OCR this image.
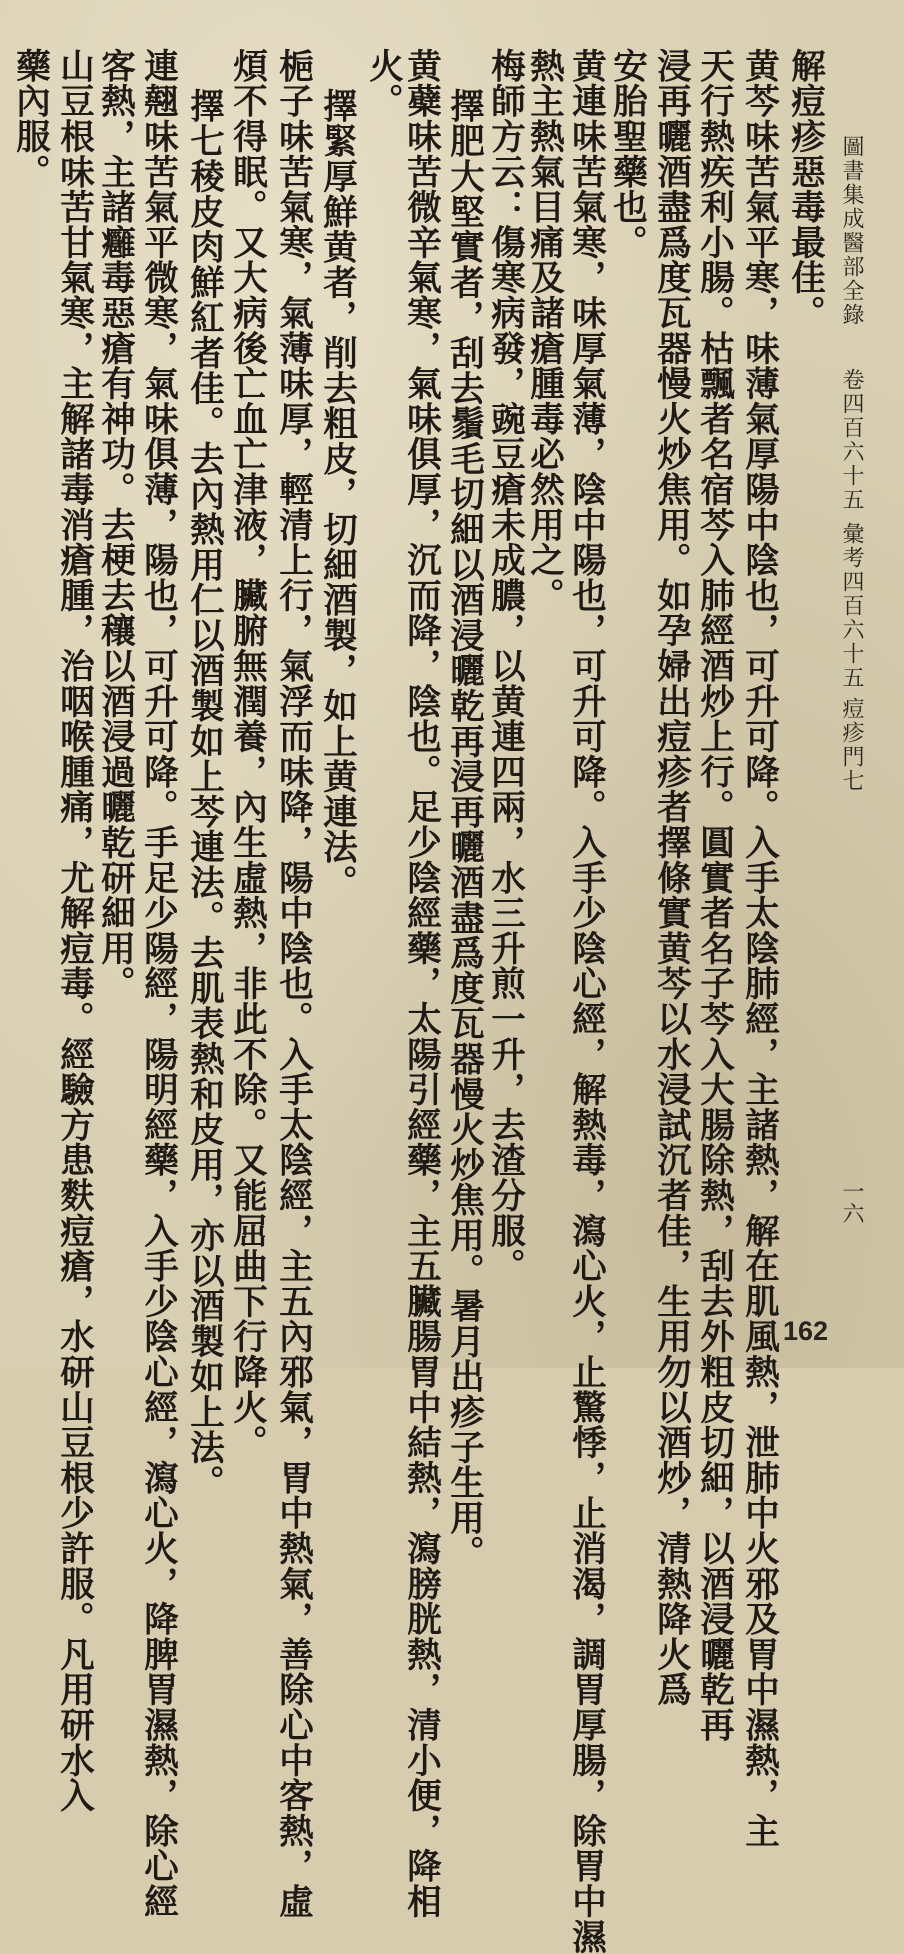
圖書集成醫部全錄
卷四百六十五
彙考四百六十五
痘疹門七
一六
解痘疹惡毒最佳。
黄芩味苦氣平寒，味薄氣厚陽中陰也，可升可降。入手太陰肺經，主諸熱，解在肌風熱，泄肺中火邪及胃中濕熱，主
天行熱疾利小腸。枯飄者名宿芩入肺經酒炒上行。圓實者名子芩入大腸除熱，刮去外粗皮切細，以酒浸曬乾再
浸再曬酒盡爲度瓦器慢火炒焦用。如孕婦出痘疹者擇條實黄芩以水浸試沉者佳，生用勿以酒炒，清熱降火爲
安胎聖藥也。
黄連味苦氣寒，味厚氣薄，陰中陽也，可升可降。入手少陰心經，解熱毒，瀉心火，止驚悸，止消渴，調胃厚腸，除胃中濕
熱主熱氣目痛及諸瘡腫毒必然用之。
梅師方云：傷寒病發，豌豆瘡未成膿，以黄連四兩，水三升煎一升，去渣分服。
擇肥大堅實者，刮去鬚毛切細以酒浸曬乾再浸再曬酒盡爲度瓦器慢火炒焦用。暑月出疹子生用。
黄蘗味苦微辛氣寒，氣味俱厚，沉而降，陰也。足少陰經藥，太陽引經藥，主五臟腸胃中結熱，瀉膀胱熱，清小便，降相
火。
擇緊厚鮮黄者，削去粗皮，切細酒製，如上黄連法。
梔子味苦氣寒，氣薄味厚，輕清上行，氣浮而味降，陽中陰也。入手太陰經，主五內邪氣，胃中熱氣，善除心中客熱，虛
煩不得眠。又大病後亡血亡津液，臟腑無潤養，內生虛熱，非此不除。又能屈曲下行降火。
擇七稜皮肉鮮紅者佳。去內熱用仁以酒製如上芩連法。去肌表熱和皮用，亦以酒製如上法。
連翹味苦氣平微寒，氣味俱薄，陽也，可升可降。手足少陽經，陽明經藥，入手少陰心經，瀉心火，降脾胃濕熱，除心經
客熱，主諸癰毒惡瘡有神功。去梗去穰以酒浸過曬乾研細用。
山豆根味苦甘氣寒，主解諸毒消瘡腫，治咽喉腫痛，尤解痘毒。經驗方患麩痘瘡，水研山豆根少許服。凡用研水入
藥內服。
162
